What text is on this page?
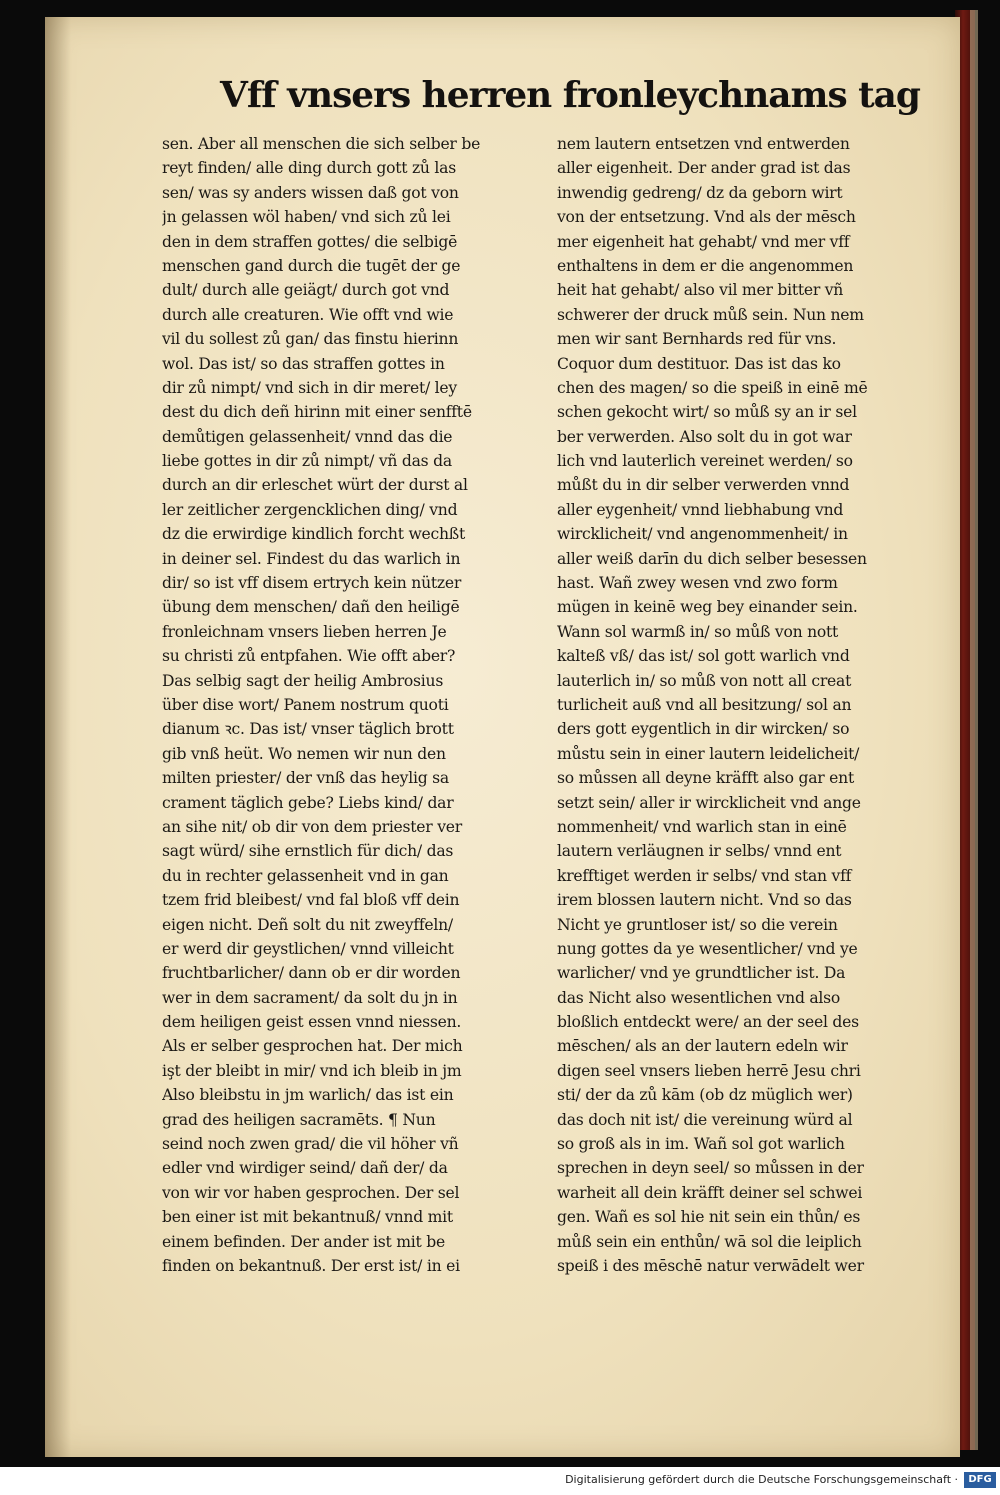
Vff vnsers herren fronleychnams tag
sen. Aber all menschen die sich selber be
reyt finden/ alle ding durch gott zů las
sen/ was sy anders wissen daß got von
jn gelassen wöl haben/ vnd sich zů lei
den in dem straffen gottes/ die selbigē
menschen gand durch die tugēt der ge
dult/ durch alle geiägt/ durch got vnd
durch alle creaturen. Wie offt vnd wie
vil du sollest zů gan/ das finstu hierinn
wol. Das ist/ so das straffen gottes in
dir zů nimpt/ vnd sich in dir meret/ ley
dest du dich deñ hirinn mit einer senfftē
demůtigen gelassenheit/ vnnd das die
liebe gottes in dir zů nimpt/ vñ das da
durch an dir erleschet würt der durst al
ler zeitlicher zergencklichen ding/ vnd
dz die erwirdige kindlich forcht wechßt
in deiner sel. Findest du das warlich in
dir/ so ist vff disem ertrych kein nützer
übung dem menschen/ dañ den heiligē
fronleichnam vnsers lieben herren Je
su christi zů entpfahen. Wie offt aber?
Das selbig sagt der heilig Ambrosius
über dise wort/ Panem nostrum quoti
dianum ꝛc. Das ist/ vnser täglich brott
gib vnß heüt. Wo nemen wir nun den
milten priester/ der vnß das heylig sa
crament täglich gebe? Liebs kind/ dar
an sihe nit/ ob dir von dem priester ver
sagt würd/ sihe ernstlich für dich/ das
du in rechter gelassenheit vnd in gan
tzem frid bleibest/ vnd fal bloß vff dein
eigen nicht. Deñ solt du nit zweyffeln/
er werd dir geystlichen/ vnnd villeicht
fruchtbarlicher/ dann ob er dir worden
wer in dem sacrament/ da solt du jn in
dem heiligen geist essen vnnd niessen.
Als er selber gesprochen hat. Der mich
işt der bleibt in mir/ vnd ich bleib in jm
Also bleibstu in jm warlich/ das ist ein
grad des heiligen sacramēts. ¶ Nun
seind noch zwen grad/ die vil höher vñ
edler vnd wirdiger seind/ dañ der/ da
von wir vor haben gesprochen. Der sel
ben einer ist mit bekantnuß/ vnnd mit
einem befinden. Der ander ist mit be
finden on bekantnuß. Der erst ist/ in ei
nem lautern entsetzen vnd entwerden
aller eigenheit. Der ander grad ist das
inwendig gedreng/ dz da geborn wirt
von der entsetzung. Vnd als der mēsch
mer eigenheit hat gehabt/ vnd mer vff
enthaltens in dem er die angenommen
heit hat gehabt/ also vil mer bitter vñ
schwerer der druck můß sein. Nun nem
men wir sant Bernhards red für vns.
Coquor dum destituor. Das ist das ko
chen des magen/ so die speiß in einē mē
schen gekocht wirt/ so můß sy an ir sel
ber verwerden. Also solt du in got war
lich vnd lauterlich vereinet werden/ so
můßt du in dir selber verwerden vnnd
aller eygenheit/ vnnd liebhabung vnd
wircklicheit/ vnd angenommenheit/ in
aller weiß darīn du dich selber besessen
hast. Wañ zwey wesen vnd zwo form
mügen in keinē weg bey einander sein.
Wann sol warmß in/ so můß von nott
kalteß vß/ das ist/ sol gott warlich vnd
lauterlich in/ so můß von nott all creat
turlicheit auß vnd all besitzung/ sol an
ders gott eygentlich in dir wircken/ so
můstu sein in einer lautern leidelicheit/
so můssen all deyne kräfft also gar ent
setzt sein/ aller ir wircklicheit vnd ange
nommenheit/ vnd warlich stan in einē
lautern verläugnen ir selbs/ vnnd ent
krefftiget werden ir selbs/ vnd stan vff
irem blossen lautern nicht. Vnd so das
Nicht ye gruntloser ist/ so die verein
nung gottes da ye wesentlicher/ vnd ye
warlicher/ vnd ye grundtlicher ist. Da
das Nicht also wesentlichen vnd also
bloßlich entdeckt were/ an der seel des
mēschen/ als an der lautern edeln wir
digen seel vnsers lieben herrē Jesu chri
sti/ der da zů kām (ob dz müglich wer)
das doch nit ist/ die vereinung würd al
so groß als in im. Wañ sol got warlich
sprechen in deyn seel/ so můssen in der
warheit all dein kräfft deiner sel schwei
gen. Wañ es sol hie nit sein ein thůn/ es
můß sein ein enthůn/ wā sol die leiplich
speiß i des mēschē natur verwādelt wer
Digitalisierung gefördert durch die Deutsche Forschungsgemeinschaft ·	DFG
